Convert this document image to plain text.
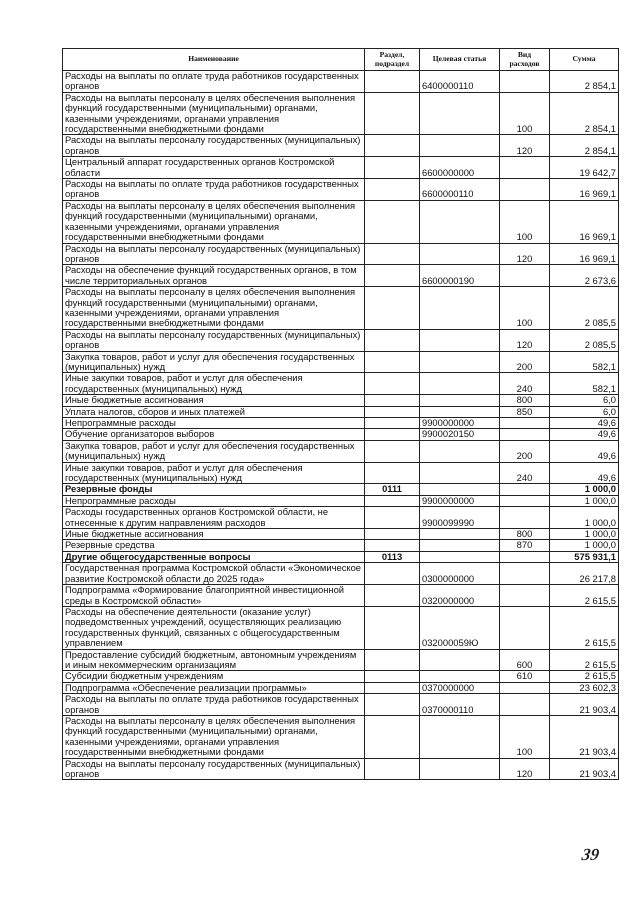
Наименование	Раздел, подраздел	Целевая статья	Вид расходов	Сумма
Расходы на выплаты по оплате труда работников государственных органов		6400000110		2 854,1
Расходы на выплаты персоналу в целях обеспечения выполнения функций государственными (муниципальными) органами, казенными учреждениями, органами управления государственными внебюджетными фондами			100	2 854,1
Расходы на выплаты персоналу государственных (муниципальных) органов			120	2 854,1
Центральный аппарат государственных органов Костромской области		6600000000		19 642,7
Расходы на выплаты по оплате труда работников государственных органов		6600000110		16 969,1
Расходы на выплаты персоналу в целях обеспечения выполнения функций государственными (муниципальными) органами, казенными учреждениями, органами управления государственными внебюджетными фондами			100	16 969,1
Расходы на выплаты персоналу государственных (муниципальных) органов			120	16 969,1
Расходы на обеспечение функций государственных органов, в том числе территориальных органов		6600000190		2 673,6
Расходы на выплаты персоналу в целях обеспечения выполнения функций государственными (муниципальными) органами, казенными учреждениями, органами управления государственными внебюджетными фондами			100	2 085,5
Расходы на выплаты персоналу государственных (муниципальных) органов			120	2 085,5
Закупка товаров, работ и услуг для обеспечения государственных (муниципальных) нужд			200	582,1
Иные закупки товаров, работ и услуг для обеспечения государственных (муниципальных) нужд			240	582,1
Иные бюджетные ассигнования			800	6,0
Уплата налогов, сборов и иных платежей			850	6,0
Непрограммные расходы		9900000000		49,6
Обучение организаторов выборов		9900020150		49,6
Закупка товаров, работ и услуг для обеспечения государственных (муниципальных) нужд			200	49,6
Иные закупки товаров, работ и услуг для обеспечения государственных (муниципальных) нужд			240	49,6
Резервные фонды	0111			1 000,0
Непрограммные расходы		9900000000		1 000,0
Расходы государственных органов Костромской области, не отнесенные к другим направлениям расходов		9900099990		1 000,0
Иные бюджетные ассигнования			800	1 000,0
Резервные средства			870	1 000,0
Другие общегосударственные вопросы	0113			575 931,1
Государственная программа Костромской области «Экономическое развитие Костромской области до 2025 года»		0300000000		26 217,8
Подпрограмма «Формирование благоприятной инвестиционной среды в Костромской области»		0320000000		2 615,5
Расходы на обеспечение деятельности (оказание услуг) подведомственных учреждений, осуществляющих реализацию государственных функций, связанных с общегосударственным управлением		032000059Ю		2 615,5
Предоставление субсидий бюджетным, автономным учреждениям и иным некоммерческим организациям			600	2 615,5
Субсидии бюджетным учреждениям			610	2 615,5
Подпрограмма «Обеспечение реализации программы»		0370000000		23 602,3
Расходы на выплаты по оплате труда работников государственных органов		0370000110		21 903,4
Расходы на выплаты персоналу в целях обеспечения выполнения функций государственными (муниципальными) органами, казенными учреждениями, органами управления государственными внебюджетными фондами			100	21 903,4
Расходы на выплаты персоналу государственных (муниципальных) органов			120	21 903,4
39
